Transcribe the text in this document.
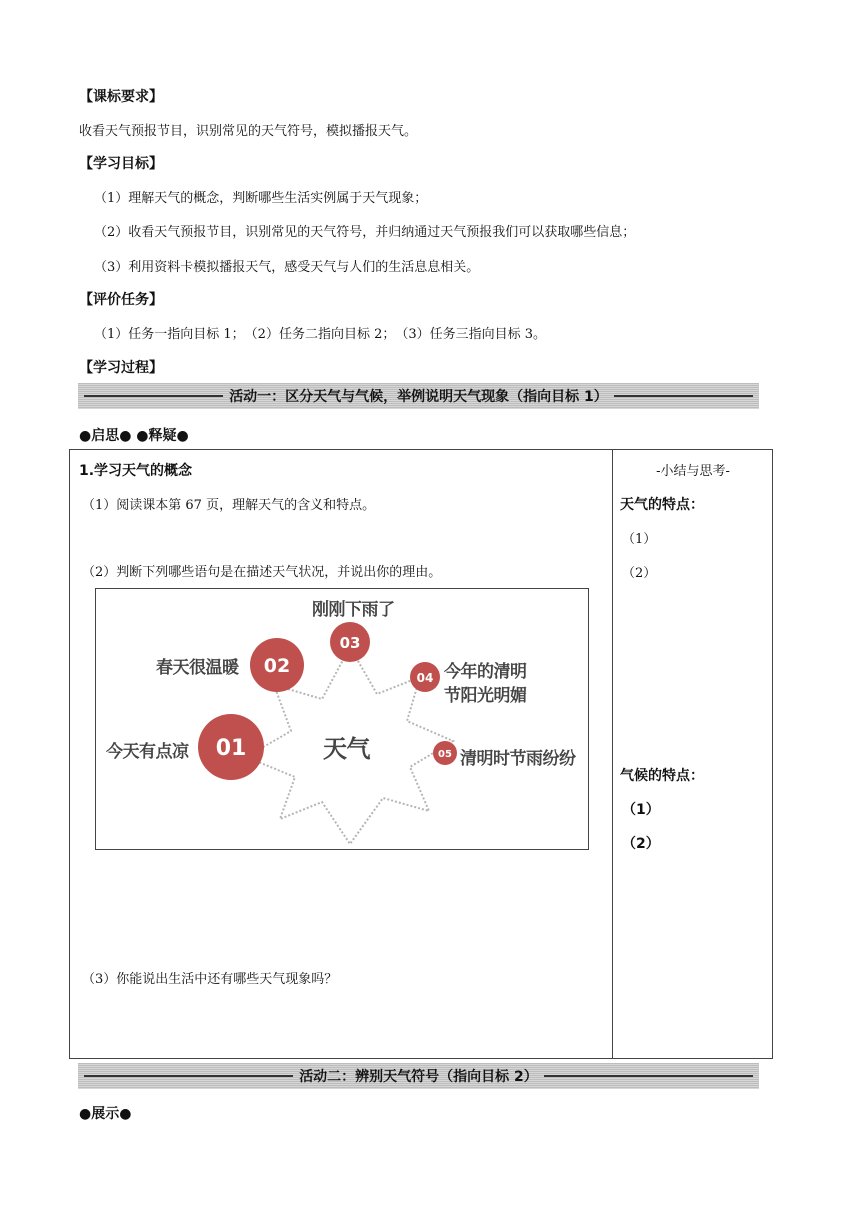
【课标要求】
收看天气预报节目，识别常见的天气符号，模拟播报天气。
【学习目标】
（1）理解天气的概念，判断哪些生活实例属于天气现象；
（2）收看天气预报节目，识别常见的天气符号，并归纳通过天气预报我们可以获取哪些信息；
（3）利用资料卡模拟播报天气，感受天气与人们的生活息息相关。
【评价任务】
（1）任务一指向目标 1；　（2）任务二指向目标 2；　（3）任务三指向目标 3。
【学习过程】
活动一：区分天气与气候，举例说明天气现象（指向目标 1）
●启思● ●释疑●
1.学习天气的概念
（1）阅读课本第 67 页，理解天气的含义和特点。
（2）判断下列哪些语句是在描述天气状况，并说出你的理由。
01
02
03
04
05
天气
今天有点凉
春天很温暖
刚刚下雨了
今年的清明
节阳光明媚
清明时节雨纷纷
（3）你能说出生活中还有哪些天气现象吗？
-小结与思考-
天气的特点：
（1）
（2）
气候的特点：
（1）
（2）
活动二：辨别天气符号（指向目标 2）
●展示●
